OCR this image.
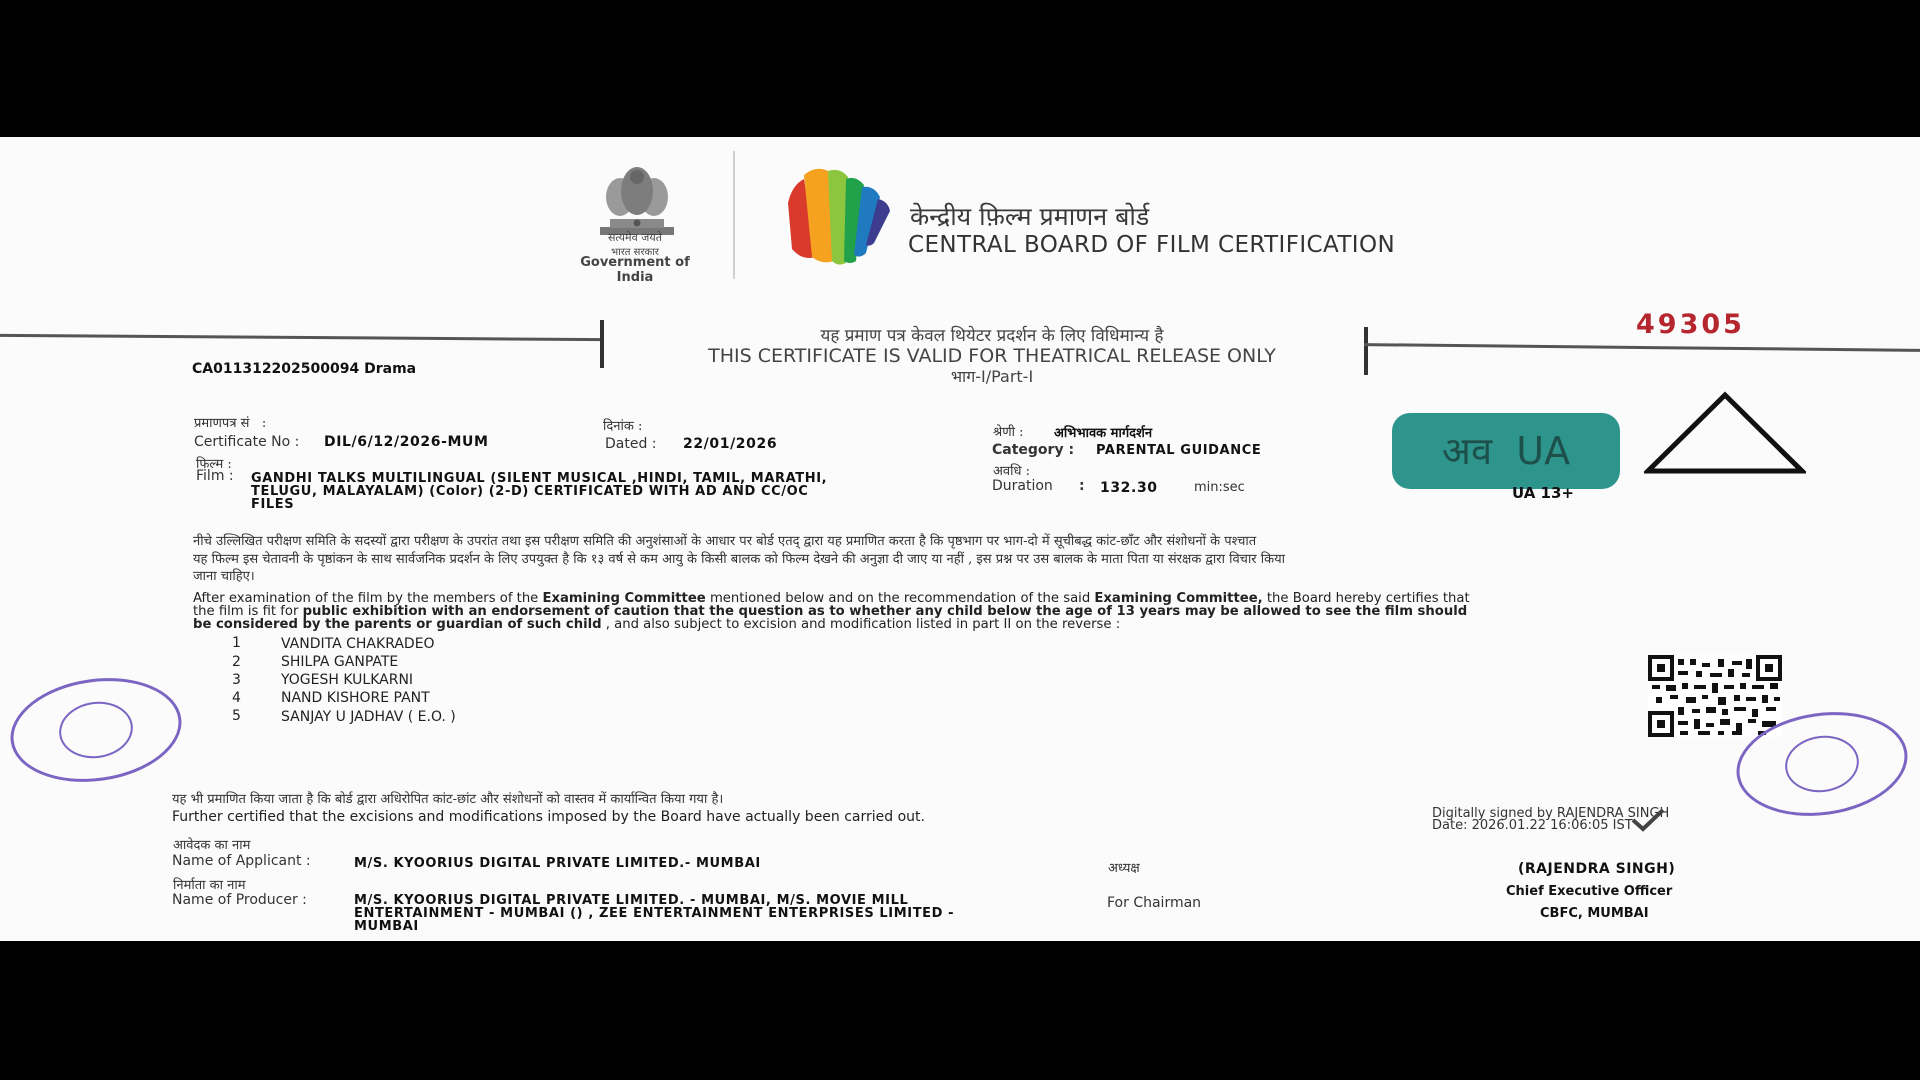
सत्यमेव जयते
भारत सरकार
Government of India
केन्द्रीय फ़िल्म प्रमाणन बोर्ड
CENTRAL BOARD OF FILM CERTIFICATION
यह प्रमाण पत्र केवल थियेटर प्रदर्शन के लिए विधिमान्य है
THIS CERTIFICATE IS VALID FOR THEATRICAL RELEASE ONLY
भाग-I/Part-I
49305
CA011312202500094 Drama
प्रमाणपत्र सं   :
Certificate No : DIL/6/12/2026-MUM
दिनांक :
Dated : 22/01/2026
फिल्म :
Film : GANDHI TALKS MULTILINGUAL (SILENT MUSICAL ,HINDI, TAMIL, MARATHI,
TELUGU, MALAYALAM) (Color) (2-D) CERTIFICATED WITH AD AND CC/OC
FILES
श्रेणी : अभिभावक मार्गदर्शन
Category : PARENTAL GUIDANCE
अवधि :
Duration : 132.30	min:sec
अव UA
UA 13+
नीचे उल्लिखित परीक्षण समिति के सदस्यों द्वारा परीक्षण के उपरांत तथा इस परीक्षण समिति की अनुशंसाओं के आधार पर बोर्ड एतद् द्वारा यह प्रमाणित करता है कि पृष्ठभाग पर भाग-दो में सूचीबद्ध कांट-छाँट और संशोधनों के पश्चात
यह फिल्म इस चेतावनी के पृष्ठांकन के साथ सार्वजनिक प्रदर्शन के लिए उपयुक्त है कि १३ वर्ष से कम आयु के किसी बालक को फिल्म देखने की अनुज्ञा दी जाए या नहीं , इस प्रश्न पर उस बालक के माता पिता या संरक्षक द्वारा विचार किया
जाना चाहिए।
After examination of the film by the members of the Examining Committee mentioned below and on the recommendation of the said Examining Committee, the Board hereby certifies that
the film is fit for public exhibition with an endorsement of caution that the question as to whether any child below the age of 13 years may be allowed to see the film should
be considered by the parents or guardian of such child , and also subject to excision and modification listed in part II on the reverse :
1	VANDITA CHAKRADEO
2	SHILPA GANPATE
3	YOGESH KULKARNI
4	NAND KISHORE PANT
5	SANJAY U JADHAV ( E.O. )
यह भी प्रमाणित किया जाता है कि बोर्ड द्वारा अधिरोपित कांट-छांट और संशोधनों को वास्तव में कार्यान्वित किया गया है।
Further certified that the excisions and modifications imposed by the Board have actually been carried out.
आवेदक का नाम
Name of Applicant :	M/S. KYOORIUS DIGITAL PRIVATE LIMITED.- MUMBAI
निर्माता का नाम
Name of Producer :	M/S. KYOORIUS DIGITAL PRIVATE LIMITED. - MUMBAI, M/S. MOVIE MILL
ENTERTAINMENT - MUMBAI () , ZEE ENTERTAINMENT ENTERPRISES LIMITED -
MUMBAI
अध्यक्ष
For Chairman
Digitally signed by RAJENDRA SINGH
Date: 2026.01.22 16:06:05 IST
(RAJENDRA SINGH)
Chief Executive Officer
CBFC, MUMBAI
